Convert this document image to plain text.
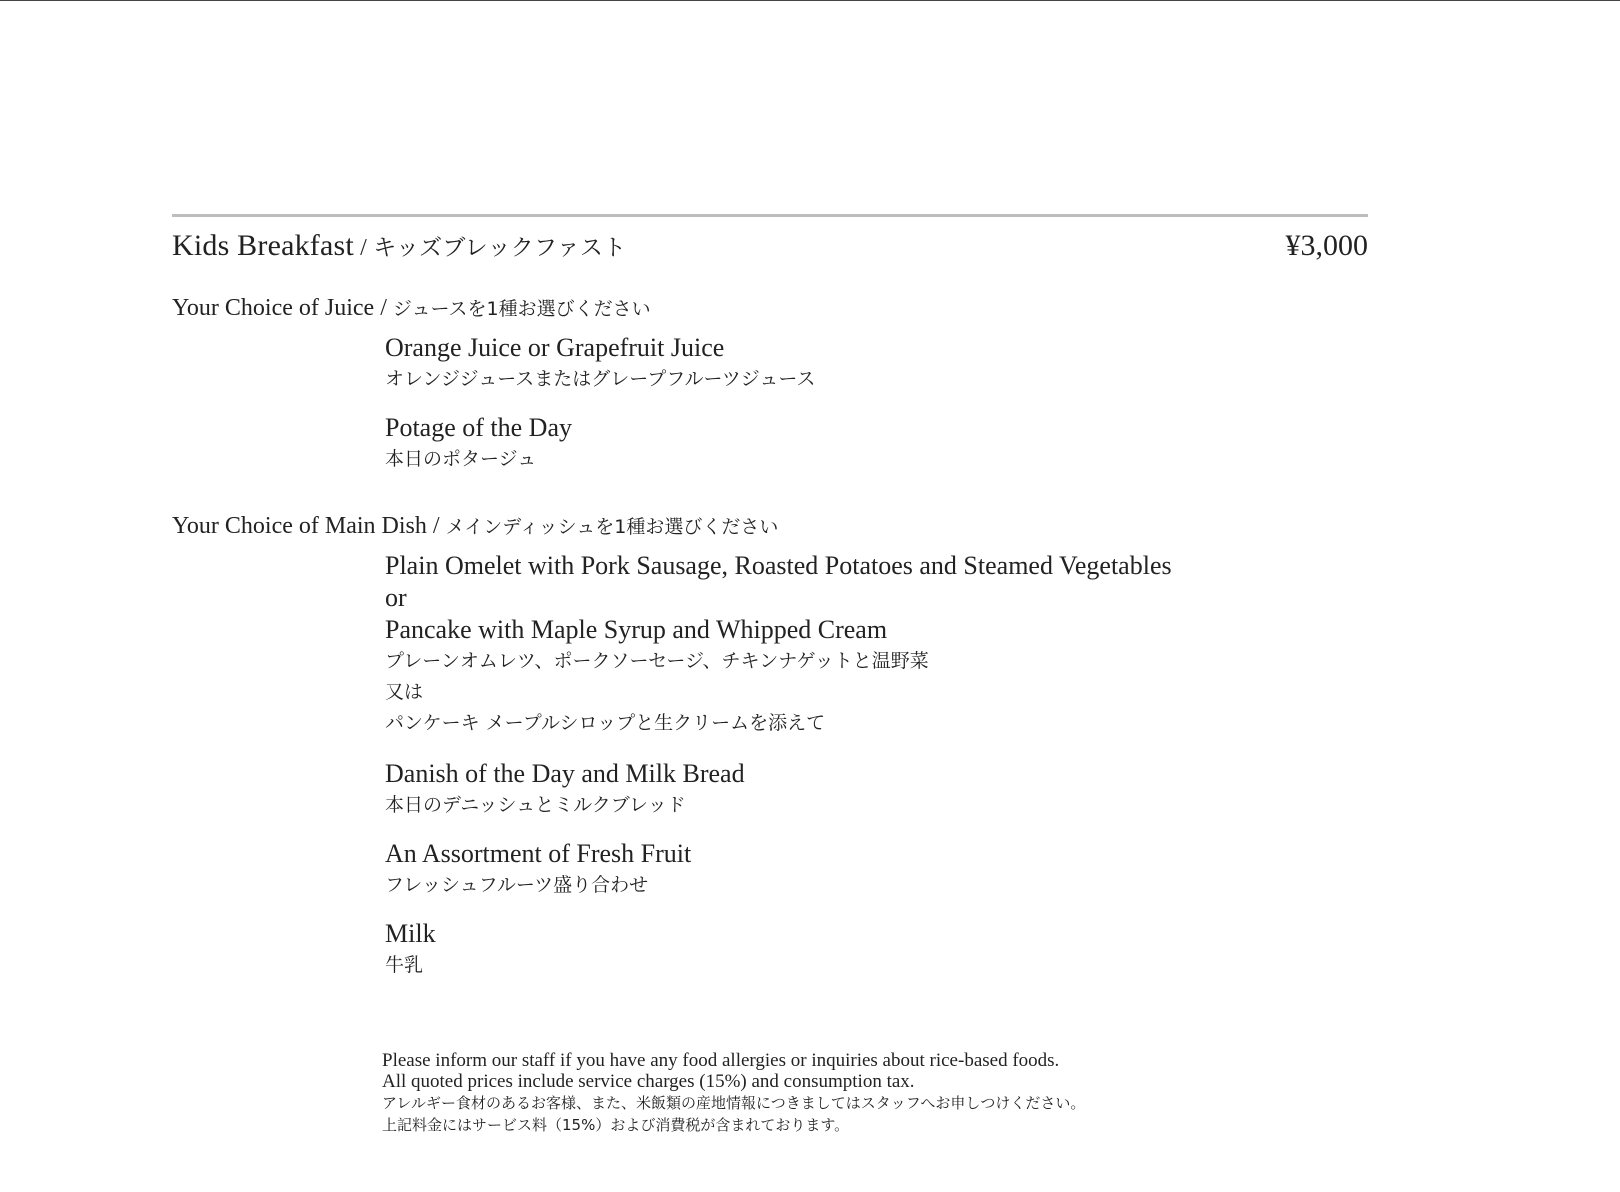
Kids Breakfast / キッズブレックファスト	¥3,000
Your Choice of Juice / ジュースを1種お選びください
Orange Juice or Grapefruit Juice
オレンジジュースまたはグレープフルーツジュース
Potage of the Day
本日のポタージュ
Your Choice of Main Dish / メインディッシュを1種お選びください
Plain Omelet with Pork Sausage, Roasted Potatoes and Steamed Vegetables
or
Pancake with Maple Syrup and Whipped Cream
プレーンオムレツ、ポークソーセージ、チキンナゲットと温野菜
又は
パンケーキ メープルシロップと生クリームを添えて
Danish of the Day and Milk Bread
本日のデニッシュとミルクブレッド
An Assortment of Fresh Fruit
フレッシュフルーツ盛り合わせ
Milk
牛乳
Please inform our staff if you have any food allergies or inquiries about rice-based foods.
All quoted prices include service charges (15%) and consumption tax.
アレルギー食材のあるお客様、また、米飯類の産地情報につきましてはスタッフへお申しつけください。
上記料金にはサービス料（15%）および消費税が含まれております。
